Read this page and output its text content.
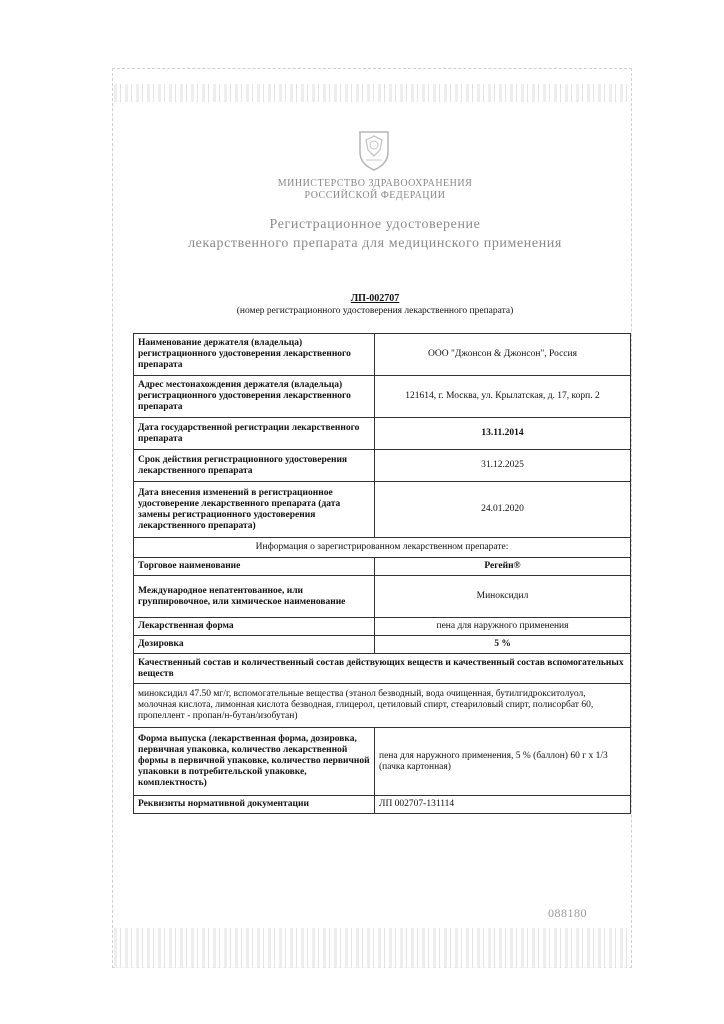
МИНИСТЕРСТВО ЗДРАВООХРАНЕНИЯ
РОССИЙСКОЙ ФЕДЕРАЦИИ
Регистрационное удостоверение
лекарственного препарата для медицинского применения
ЛП-002707
(номер регистрационного удостоверения лекарственного препарата)
Наименование держателя (владельца) регистрационного удостоверения лекарственного препарата	ООО "Джонсон & Джонсон", Россия
Адрес местонахождения держателя (владельца) регистрационного удостоверения лекарственного препарата	121614, г. Москва, ул. Крылатская, д. 17, корп. 2
Дата государственной регистрации лекарственного препарата	13.11.2014
Срок действия регистрационного удостоверения лекарственного препарата	31.12.2025
Дата внесения изменений в регистрационное удостоверение лекарственного препарата (дата замены регистрационного удостоверения лекарственного препарата)	24.01.2020
Информация о зарегистрированном лекарственном препарате:	
Торговое наименование	Регейн®
Международное непатентованное, или группировочное, или химическое наименование	Миноксидил
Лекарственная форма	пена для наружного применения
Дозировка	5 %
Качественный состав и количественный состав действующих веществ и качественный состав вспомогательных веществ	
миноксидил 47.50 мг/г, вспомогательные вещества (этанол безводный, вода очищенная, бутилгидрокситолуол, молочная кислота, лимонная кислота безводная, глицерол, цетиловый спирт, стеариловый спирт, полисорбат 60, пропеллент - пропан/н-бутан/изобутан)	
Форма выпуска (лекарственная форма, дозировка, первичная упаковка, количество лекарственной формы в первичной упаковке, количество первичной упаковки в потребительской упаковке, комплектность)	пена для наружного применения, 5 % (баллон) 60 г x 1/3 (пачка картонная)
Реквизиты нормативной документации	ЛП 002707-131114
088180
